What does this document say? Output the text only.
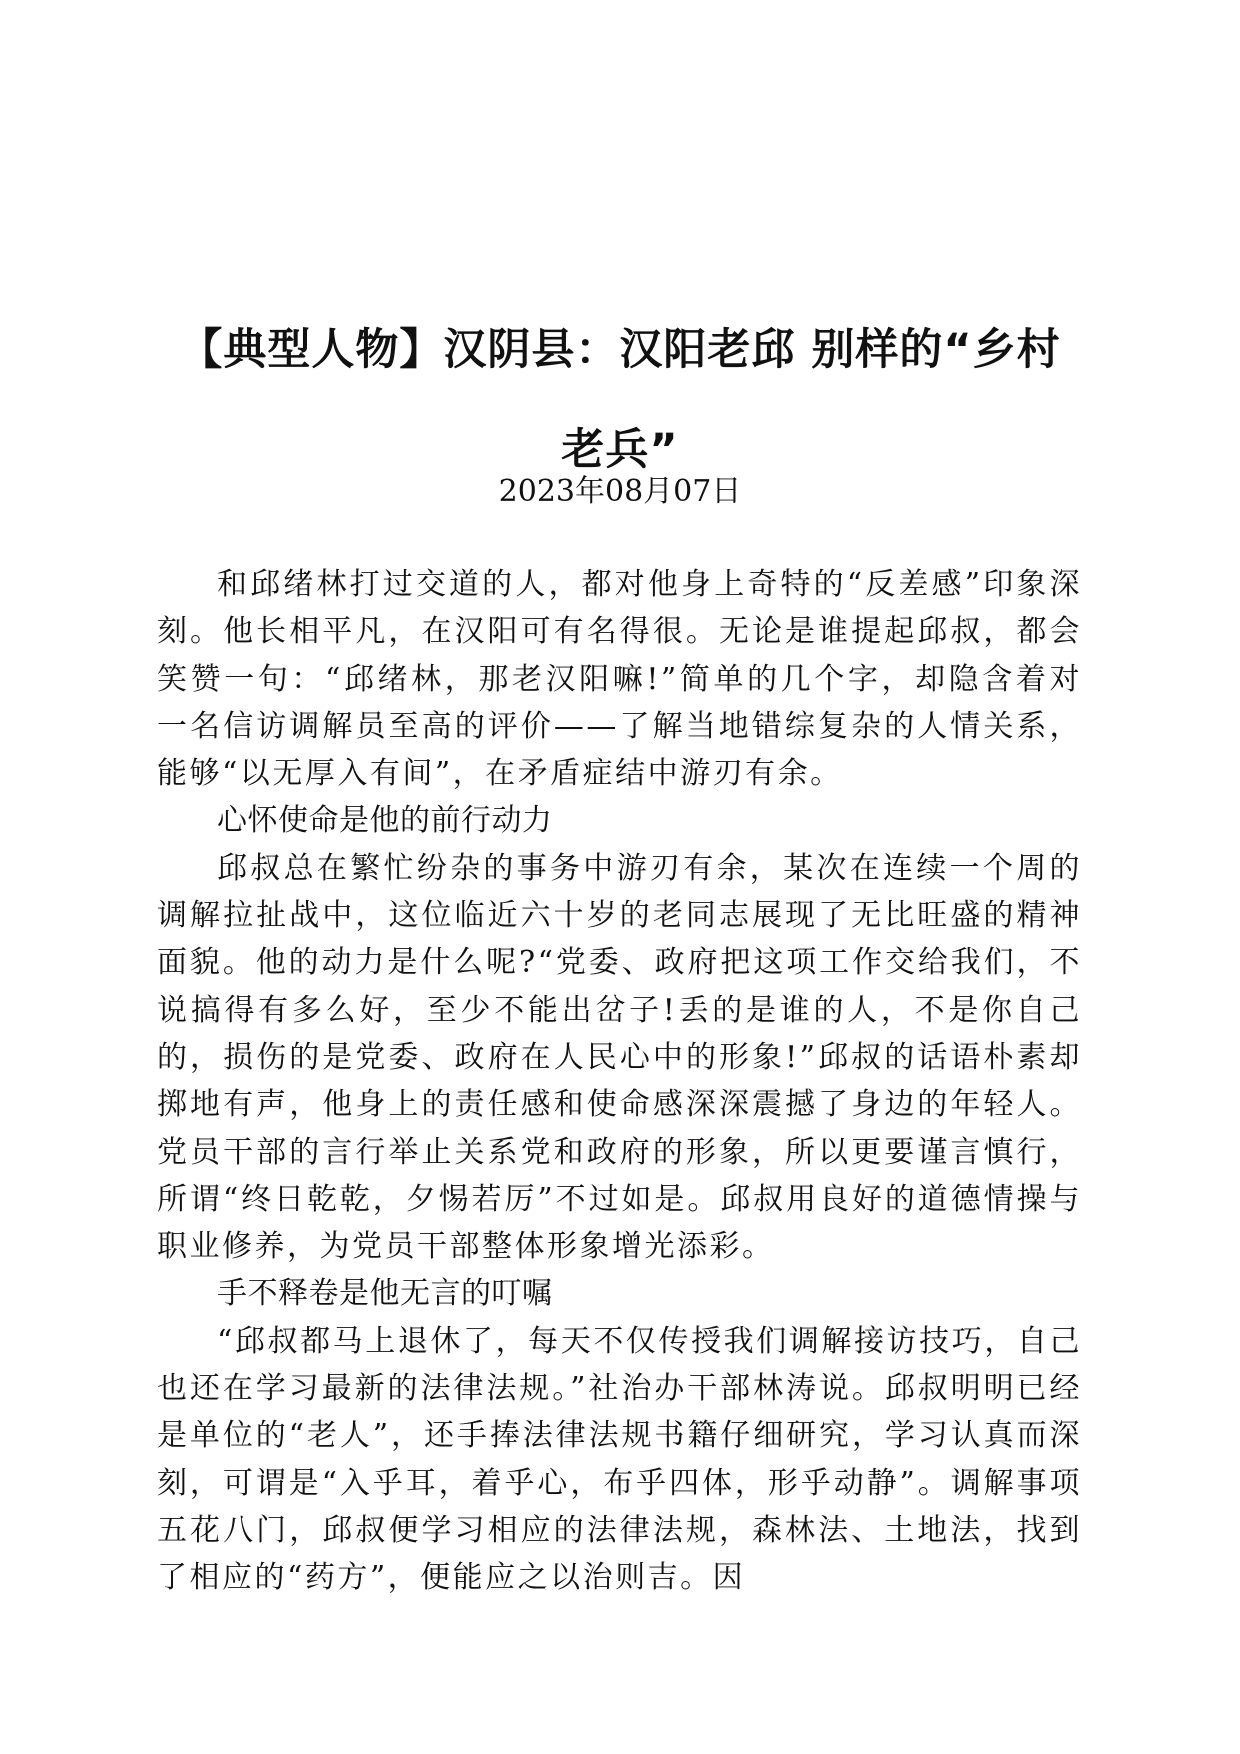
【典型人物】汉阴县：汉阳老邱 别样的“乡村老兵”
2023年08月07日

和邱绪林打过交道的人，都对他身上奇特的“反差感”印象深刻。他长相平凡，在汉阳可有名得很。无论是谁提起邱叔，都会笑赞一句：“邱绪林，那老汉阳嘛!”简单的几个字，却隐含着对一名信访调解员至高的评价——了解当地错综复杂的人情关系，能够“以无厚入有间”，在矛盾症结中游刃有余。

心怀使命是他的前行动力

邱叔总在繁忙纷杂的事务中游刃有余，某次在连续一个周的调解拉扯战中，这位临近六十岁的老同志展现了无比旺盛的精神面貌。他的动力是什么呢?“党委、政府把这项工作交给我们，不说搞得有多么好，至少不能出岔子!丢的是谁的人，不是你自己的，损伤的是党委、政府在人民心中的形象!”邱叔的话语朴素却掷地有声，他身上的责任感和使命感深深震撼了身边的年轻人。党员干部的言行举止关系党和政府的形象，所以更要谨言慎行，所谓“终日乾乾，夕惕若厉”不过如是。邱叔用良好的道德情操与职业修养，为党员干部整体形象增光添彩。

手不释卷是他无言的叮嘱

“邱叔都马上退休了，每天不仅传授我们调解接访技巧，自己也还在学习最新的法律法规。”社治办干部林涛说。邱叔明明已经是单位的“老人”，还手捧法律法规书籍仔细研究，学习认真而深刻，可谓是“入乎耳，着乎心，布乎四体，形乎动静”。调解事项五花八门，邱叔便学习相应的法律法规，森林法、土地法，找到了相应的“药方”，便能应之以治则吉。因
